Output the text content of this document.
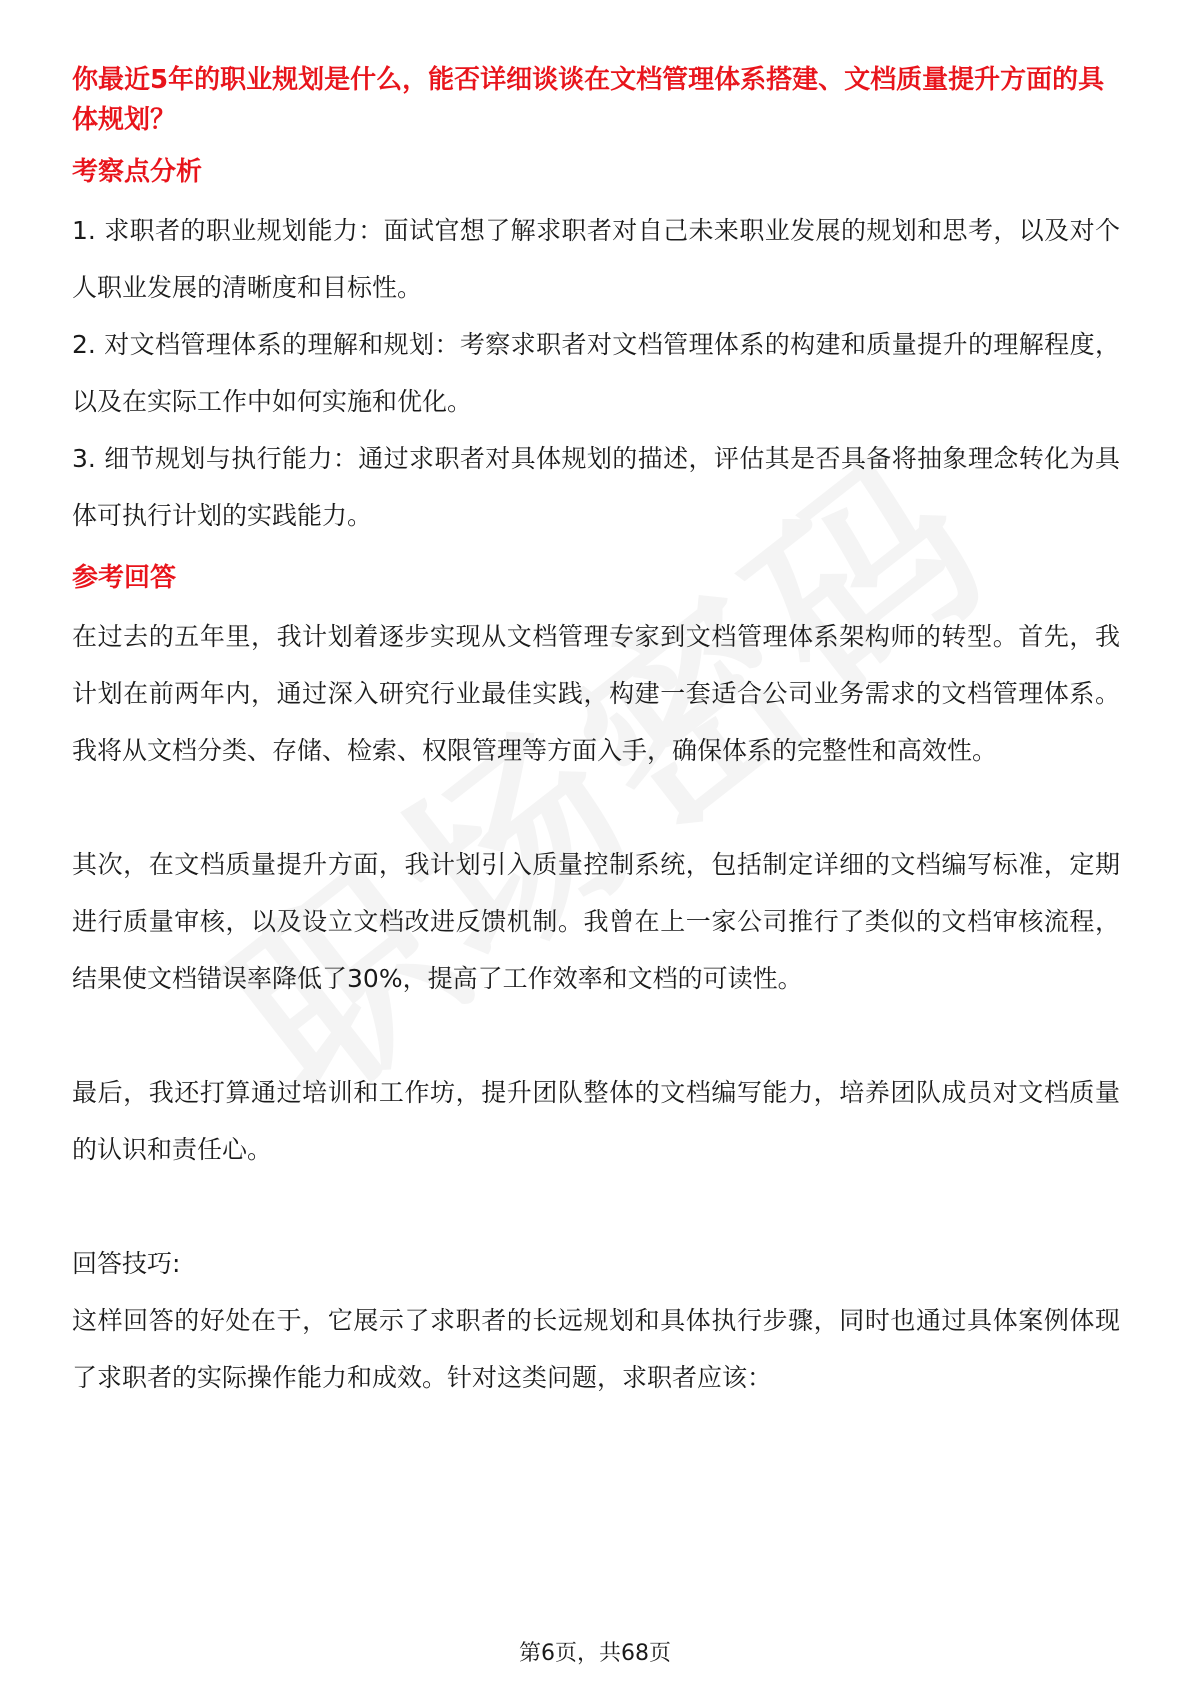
你最近5年的职业规划是什么，能否详细谈谈在文档管理体系搭建、文档质量提升方面的具体规划？
考察点分析

1. 求职者的职业规划能力：面试官想了解求职者对自己未来职业发展的规划和思考，以及对个人职业发展的清晰度和目标性。

2. 对文档管理体系的理解和规划：考察求职者对文档管理体系的构建和质量提升的理解程度，以及在实际工作中如何实施和优化。

3. 细节规划与执行能力：通过求职者对具体规划的描述，评估其是否具备将抽象理念转化为具体可执行计划的实践能力。

参考回答

在过去的五年里，我计划着逐步实现从文档管理专家到文档管理体系架构师的转型。首先，我计划在前两年内，通过深入研究行业最佳实践，构建一套适合公司业务需求的文档管理体系。我将从文档分类、存储、检索、权限管理等方面入手，确保体系的完整性和高效性。

其次，在文档质量提升方面，我计划引入质量控制系统，包括制定详细的文档编写标准，定期进行质量审核，以及设立文档改进反馈机制。我曾在上一家公司推行了类似的文档审核流程，结果使文档错误率降低了30%，提高了工作效率和文档的可读性。

最后，我还打算通过培训和工作坊，提升团队整体的文档编写能力，培养团队成员对文档质量的认识和责任心。

回答技巧:

这样回答的好处在于，它展示了求职者的长远规划和具体执行步骤，同时也通过具体案例体现了求职者的实际操作能力和成效。针对这类问题，求职者应该：

第6页，共68页
